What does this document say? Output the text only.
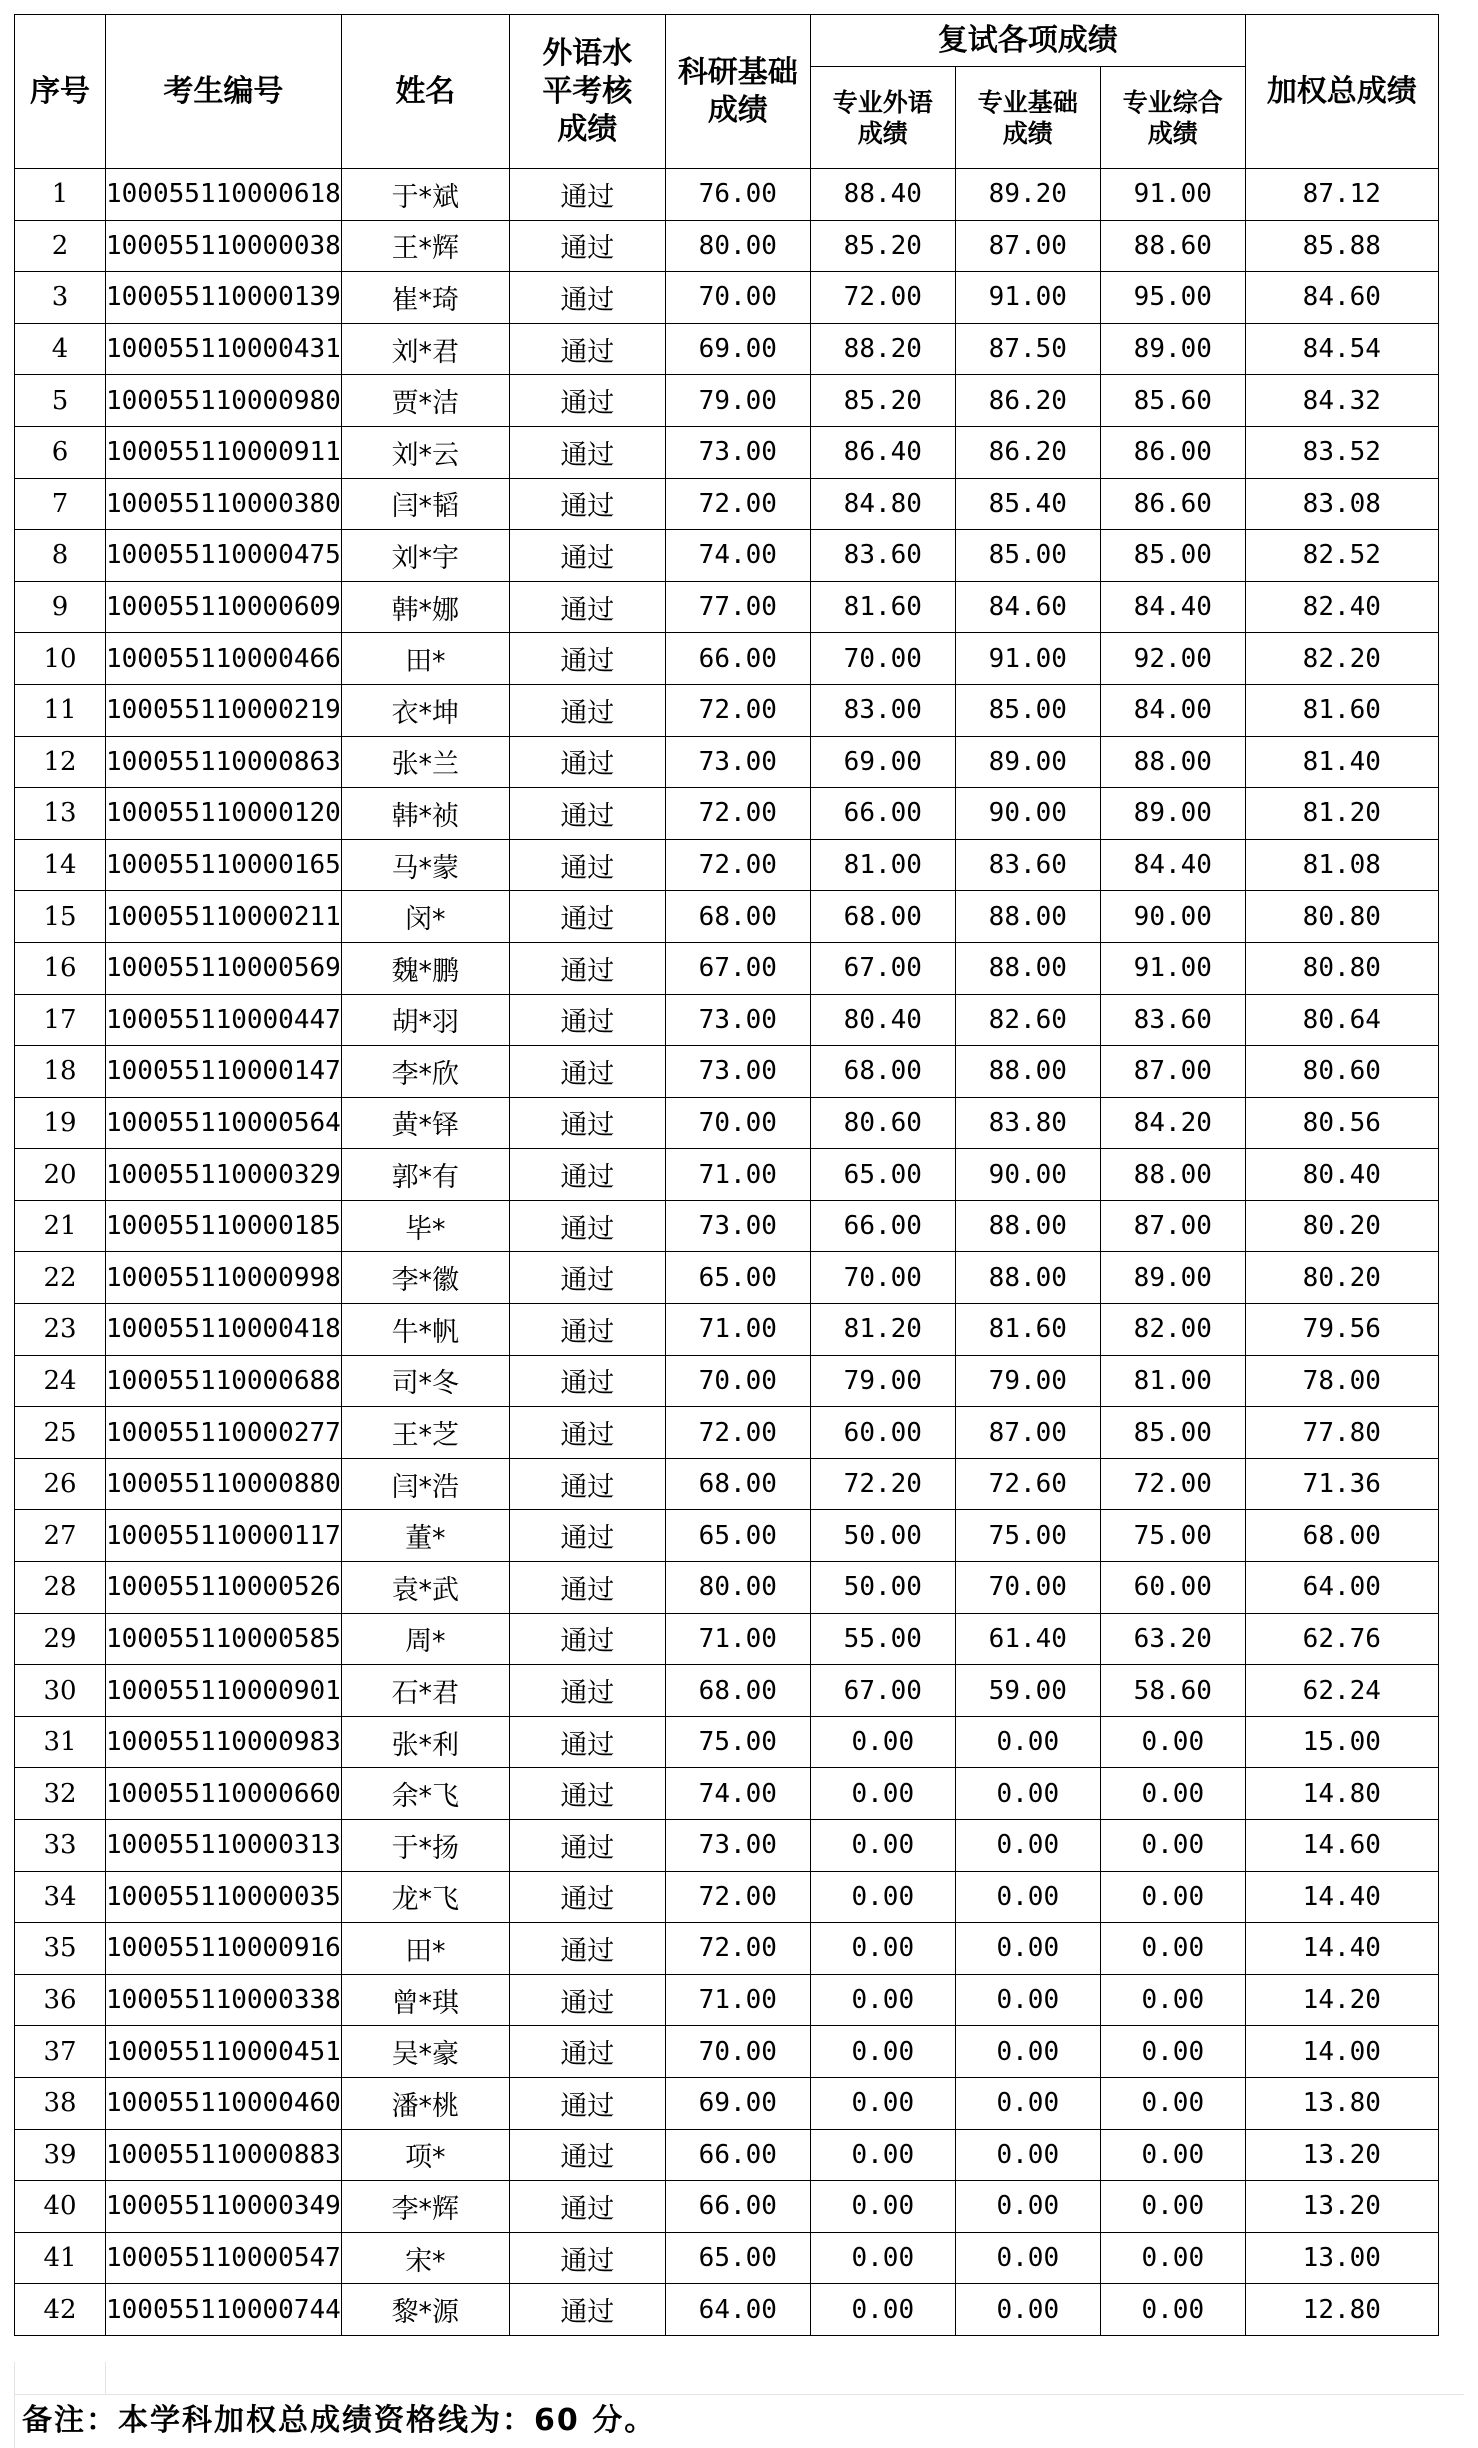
序号	考生编号	姓名	外语水平考核成绩	科研基础成绩	复试各项成绩			加权总成绩
					专业外语成绩	专业基础成绩	专业综合成绩	
1	100055110000618	于*斌	通过	76.00	88.40	89.20	91.00	87.12
2	100055110000038	王*辉	通过	80.00	85.20	87.00	88.60	85.88
3	100055110000139	崔*琦	通过	70.00	72.00	91.00	95.00	84.60
4	100055110000431	刘*君	通过	69.00	88.20	87.50	89.00	84.54
5	100055110000980	贾*洁	通过	79.00	85.20	86.20	85.60	84.32
6	100055110000911	刘*云	通过	73.00	86.40	86.20	86.00	83.52
7	100055110000380	闫*韬	通过	72.00	84.80	85.40	86.60	83.08
8	100055110000475	刘*宇	通过	74.00	83.60	85.00	85.00	82.52
9	100055110000609	韩*娜	通过	77.00	81.60	84.60	84.40	82.40
10	100055110000466	田*	通过	66.00	70.00	91.00	92.00	82.20
11	100055110000219	衣*坤	通过	72.00	83.00	85.00	84.00	81.60
12	100055110000863	张*兰	通过	73.00	69.00	89.00	88.00	81.40
13	100055110000120	韩*祯	通过	72.00	66.00	90.00	89.00	81.20
14	100055110000165	马*蒙	通过	72.00	81.00	83.60	84.40	81.08
15	100055110000211	闵*	通过	68.00	68.00	88.00	90.00	80.80
16	100055110000569	魏*鹏	通过	67.00	67.00	88.00	91.00	80.80
17	100055110000447	胡*羽	通过	73.00	80.40	82.60	83.60	80.64
18	100055110000147	李*欣	通过	73.00	68.00	88.00	87.00	80.60
19	100055110000564	黄*铎	通过	70.00	80.60	83.80	84.20	80.56
20	100055110000329	郭*有	通过	71.00	65.00	90.00	88.00	80.40
21	100055110000185	毕*	通过	73.00	66.00	88.00	87.00	80.20
22	100055110000998	李*徽	通过	65.00	70.00	88.00	89.00	80.20
23	100055110000418	牛*帆	通过	71.00	81.20	81.60	82.00	79.56
24	100055110000688	司*冬	通过	70.00	79.00	79.00	81.00	78.00
25	100055110000277	王*芝	通过	72.00	60.00	87.00	85.00	77.80
26	100055110000880	闫*浩	通过	68.00	72.20	72.60	72.00	71.36
27	100055110000117	董*	通过	65.00	50.00	75.00	75.00	68.00
28	100055110000526	袁*武	通过	80.00	50.00	70.00	60.00	64.00
29	100055110000585	周*	通过	71.00	55.00	61.40	63.20	62.76
30	100055110000901	石*君	通过	68.00	67.00	59.00	58.60	62.24
31	100055110000983	张*利	通过	75.00	0.00	0.00	0.00	15.00
32	100055110000660	余*飞	通过	74.00	0.00	0.00	0.00	14.80
33	100055110000313	于*扬	通过	73.00	0.00	0.00	0.00	14.60
34	100055110000035	龙*飞	通过	72.00	0.00	0.00	0.00	14.40
35	100055110000916	田*	通过	72.00	0.00	0.00	0.00	14.40
36	100055110000338	曾*琪	通过	71.00	0.00	0.00	0.00	14.20
37	100055110000451	吴*豪	通过	70.00	0.00	0.00	0.00	14.00
38	100055110000460	潘*桃	通过	69.00	0.00	0.00	0.00	13.80
39	100055110000883	项*	通过	66.00	0.00	0.00	0.00	13.20
40	100055110000349	李*辉	通过	66.00	0.00	0.00	0.00	13.20
41	100055110000547	宋*	通过	65.00	0.00	0.00	0.00	13.00
42	100055110000744	黎*源	通过	64.00	0.00	0.00	0.00	12.80
备注：本学科加权总成绩资格线为：60 分。
